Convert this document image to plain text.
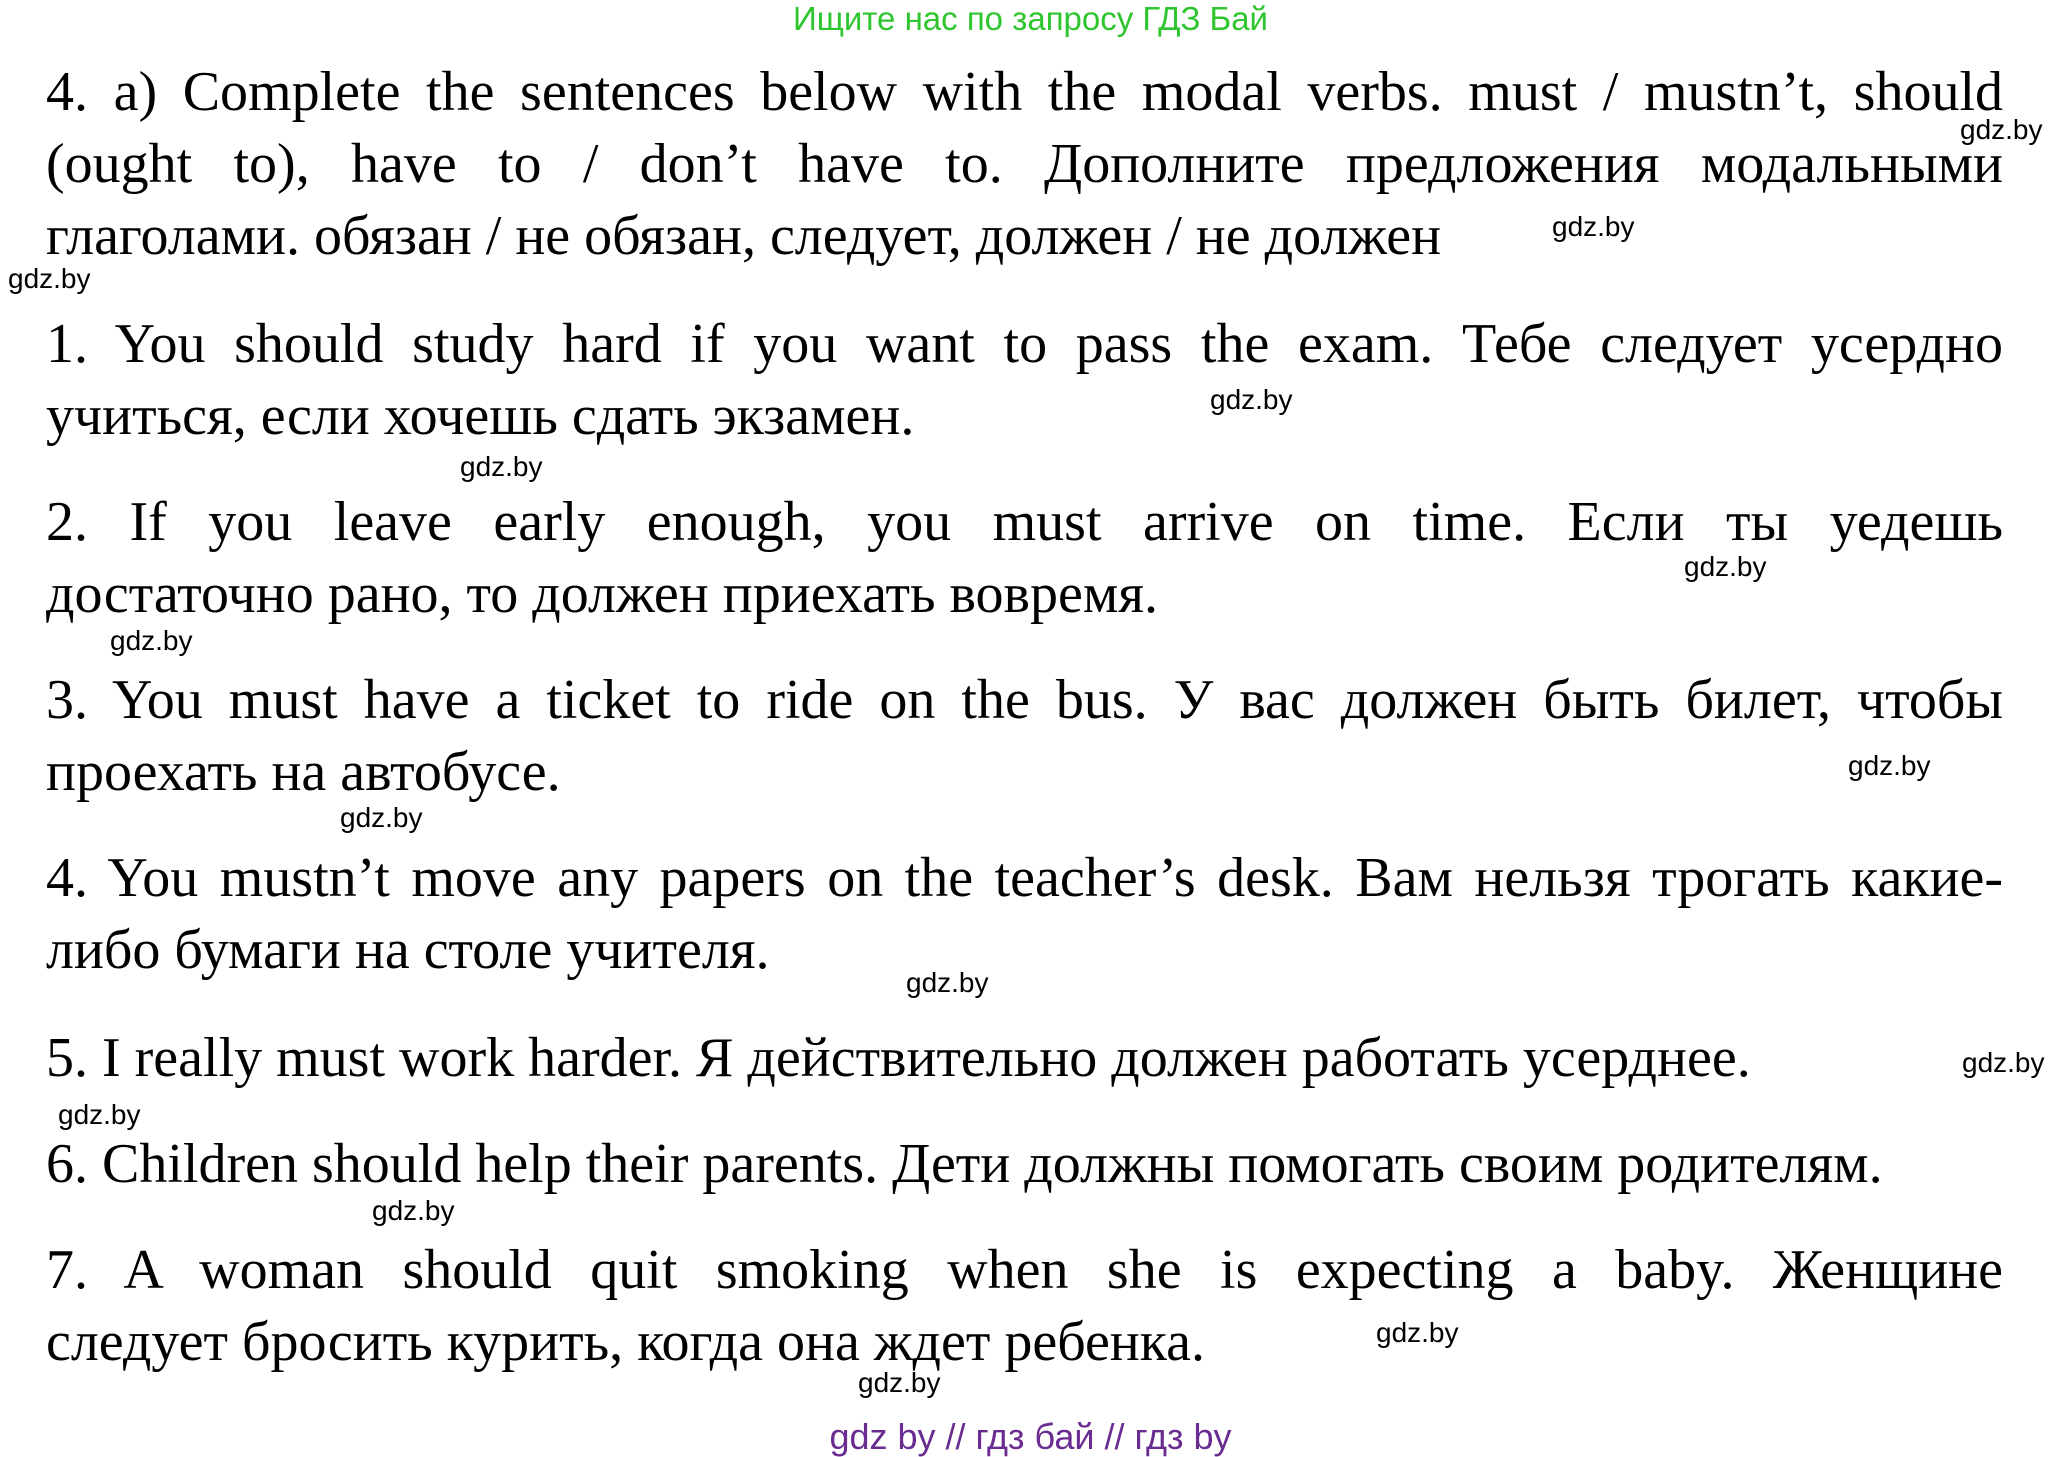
Ищите нас по запросу ГДЗ Бай
4. a) Complete the sentences below with the modal verbs. must / mustn’t, should
(ought to), have to / don’t have to. Дополните предложения модальными
глаголами. обязан / не обязан, следует, должен / не должен
1. You should study hard if you want to pass the exam. Тебе следует усердно
учиться, если хочешь сдать экзамен.
2. If you leave early enough, you must arrive on time. Если ты уедешь
достаточно рано, то должен приехать вовремя.
3. You must have a ticket to ride on the bus. У вас должен быть билет, чтобы
проехать на автобусе.
4. You mustn’t move any papers on the teacher’s desk. Вам нельзя трогать какие-
либо бумаги на столе учителя.
5. I really must work harder. Я действительно должен работать усерднее.
6. Children should help their parents. Дети должны помогать своим родителям.
7. A woman should quit smoking when she is expecting a baby. Женщине
следует бросить курить, когда она ждет ребенка.
gdz.by
gdz.by
gdz.by
gdz.by
gdz.by
gdz.by
gdz.by
gdz.by
gdz.by
gdz.by
gdz.by
gdz.by
gdz.by
gdz.by
gdz.by
gdz by // гдз бай // гдз by
